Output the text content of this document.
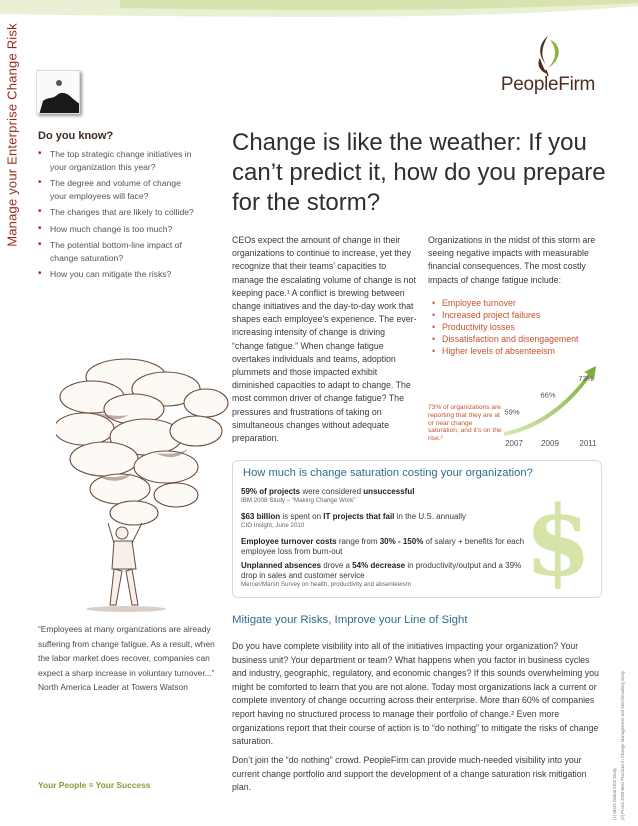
Manage your Enterprise Change Risk	PeopleFirm
Do you know?
• The top strategic change initiatives in your organization this year?
• The degree and volume of change your employees will face?
• The changes that are likely to collide?
• How much change is too much?
• The potential bottom-line impact of change saturation?
• How you can mitigate the risks?
Change is like the weather: If you can’t predict it, how do you prepare for the storm?

CEOs expect the amount of change in their organizations to continue to increase, yet they recognize that their teams’ capacities to manage the escalating volume of change is not keeping pace.¹ A conflict is brewing between change initiatives and the day-to-day work that shapes each employee’s experience. The ever-increasing intensity of change is driving “change fatigue.” When change fatigue overtakes individuals and teams, adoption plummets and those impacted exhibit diminished capacities to adapt to change. The most common driver of change fatigue? The pressures and frustrations of taking on simultaneous changes without adequate preparation.

Organizations in the midst of this storm are seeing negative impacts with measurable financial consequences. The most costly impacts of change fatigue include:

• Employee turnover
• Increased project failures
• Productivity losses
• Dissatisfaction and disengagement
• Higher levels of absenteeism
2007
59%
2009
66%
2011
73%

73% of organizations are reporting that they are at or near change saturation, and it’s on the rise.²

How much is change saturation costing your organization?
$
59% of projects were considered unsuccessful
IBM 2008 Study – “Making Change Work”
$63 billion is spent on IT projects that fail in the U.S. annually
CIO Insight, June 2010
Employee turnover costs range from 30% - 150% of salary + benefits for each employee loss from burn-out
Unplanned absences drove a 54% decrease in productivity/output and a 39% drop in sales and customer service
Mercer/Marsh Survey on health, productivity and absenteeism

“Employees at many organizations are already suffering from change fatigue. As a result, when the labor market does recover, companies can expect a sharp increase in voluntary turnover...” North America Leader at Towers Watson

Your People = Your Success
Mitigate your Risks, Improve your Line of Sight

Do you have complete visibility into all of the initiatives impacting your organization? Your business unit? Your department or team? What happens when you factor in business cycles and industry, geographic, regulatory, and economic changes? If this sounds overwhelming you might be comforted to learn that you are not alone. Today most organizations lack a current or complete inventory of change occurring across their enterprise. More than 60% of companies report having no structured process to manage their portfolio of change.² Even more organizations report that their course of action is to “do nothing” to mitigate the risks of change saturation.

Don’t join the “do nothing” crowd. PeopleFirm can provide much-needed visibility into your current change portfolio and support the development of a change saturation risk mitigation plan.	(1) IBM's Global CEO Study (2) Prosci 2009 Best Practices in Change Management and benchmarking study
